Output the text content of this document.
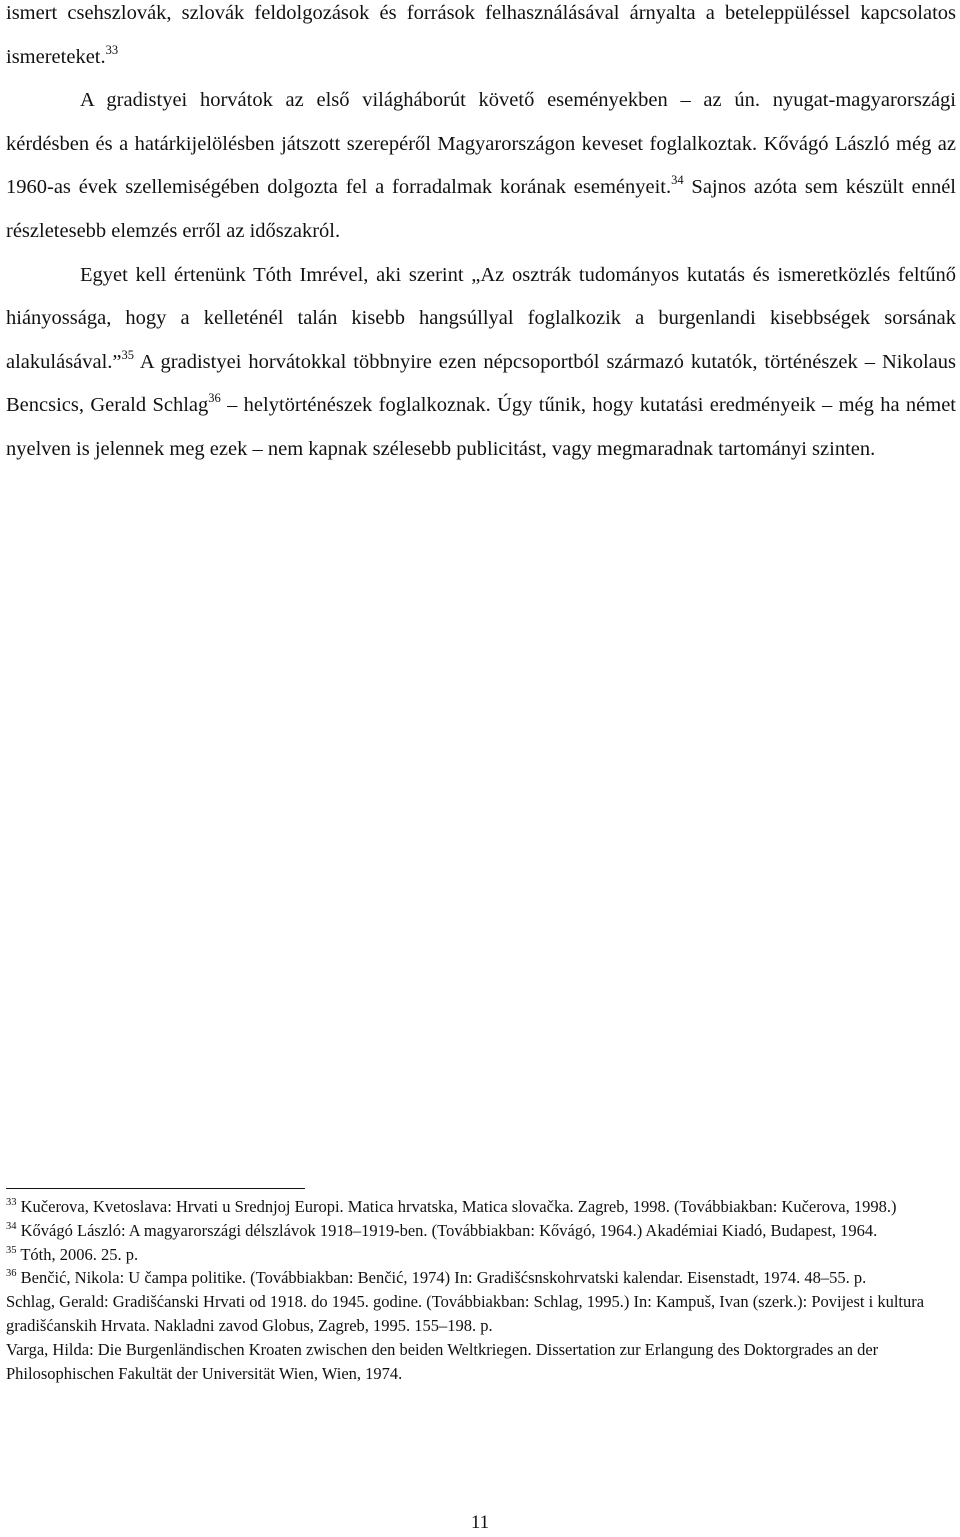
ismert csehszlovák, szlovák feldolgozások és források felhasználásával árnyalta a beteleppüléssel kapcsolatos ismereteket.$^{33}$

A gradistyei horvátok az első világháborút követő eseményekben – az ún. nyugat-magyarországi kérdésben és a határkijelölésben játszott szerepéről Magyarországon keveset foglalkoztak. Kővágó László még az 1960-as évek szellemiségében dolgozta fel a forradalmak korának eseményeit.$^{34}$ Sajnos azóta sem készült ennél részletesebb elemzés erről az időszakról.

Egyet kell értenünk Tóth Imrével, aki szerint „Az osztrák tudományos kutatás és ismeretközlés feltűnő hiányossága, hogy a kelleténél talán kisebb hangsúllyal foglalkozik a burgenlandi kisebbségek sorsának alakulásával.”$^{35}$ A gradistyei horvátokkal többnyire ezen népcsoportból származó kutatók, történészek – Nikolaus Bencsics, Gerald Schlag$^{36}$ – helytörténészek foglalkoznak. Úgy tűnik, hogy kutatási eredményeik – még ha német nyelven is jelennek meg ezek – nem kapnak szélesebb publicitást, vagy megmaradnak tartományi szinten.

$^{33}$ Kučerova, Kvetoslava: Hrvati u Srednjoj Europi. Matica hrvatska, Matica slovačka. Zagreb, 1998. (Továbbiakban: Kučerova, 1998.)

$^{34}$ Kővágó László: A magyarországi délszlávok 1918–1919-ben. (Továbbiakban: Kővágó, 1964.) Akadémiai Kiadó, Budapest, 1964.

$^{35}$ Tóth, 2006. 25. p.

$^{36}$ Benčić, Nikola: U čampa politike. (Továbbiakban: Benčić, 1974) In: Gradišćsnskohrvatski kalendar. Eisenstadt, 1974. 48–55. p.

Schlag, Gerald: Gradišćanski Hrvati od 1918. do 1945. godine. (Továbbiakban: Schlag, 1995.) In: Kampuš, Ivan (szerk.): Povijest i kultura gradišćanskih Hrvata. Nakladni zavod Globus, Zagreb, 1995. 155–198. p.

Varga, Hilda: Die Burgenländischen Kroaten zwischen den beiden Weltkriegen. Dissertation zur Erlangung des Doktorgrades an der Philosophischen Fakultät der Universität Wien, Wien, 1974.

11
